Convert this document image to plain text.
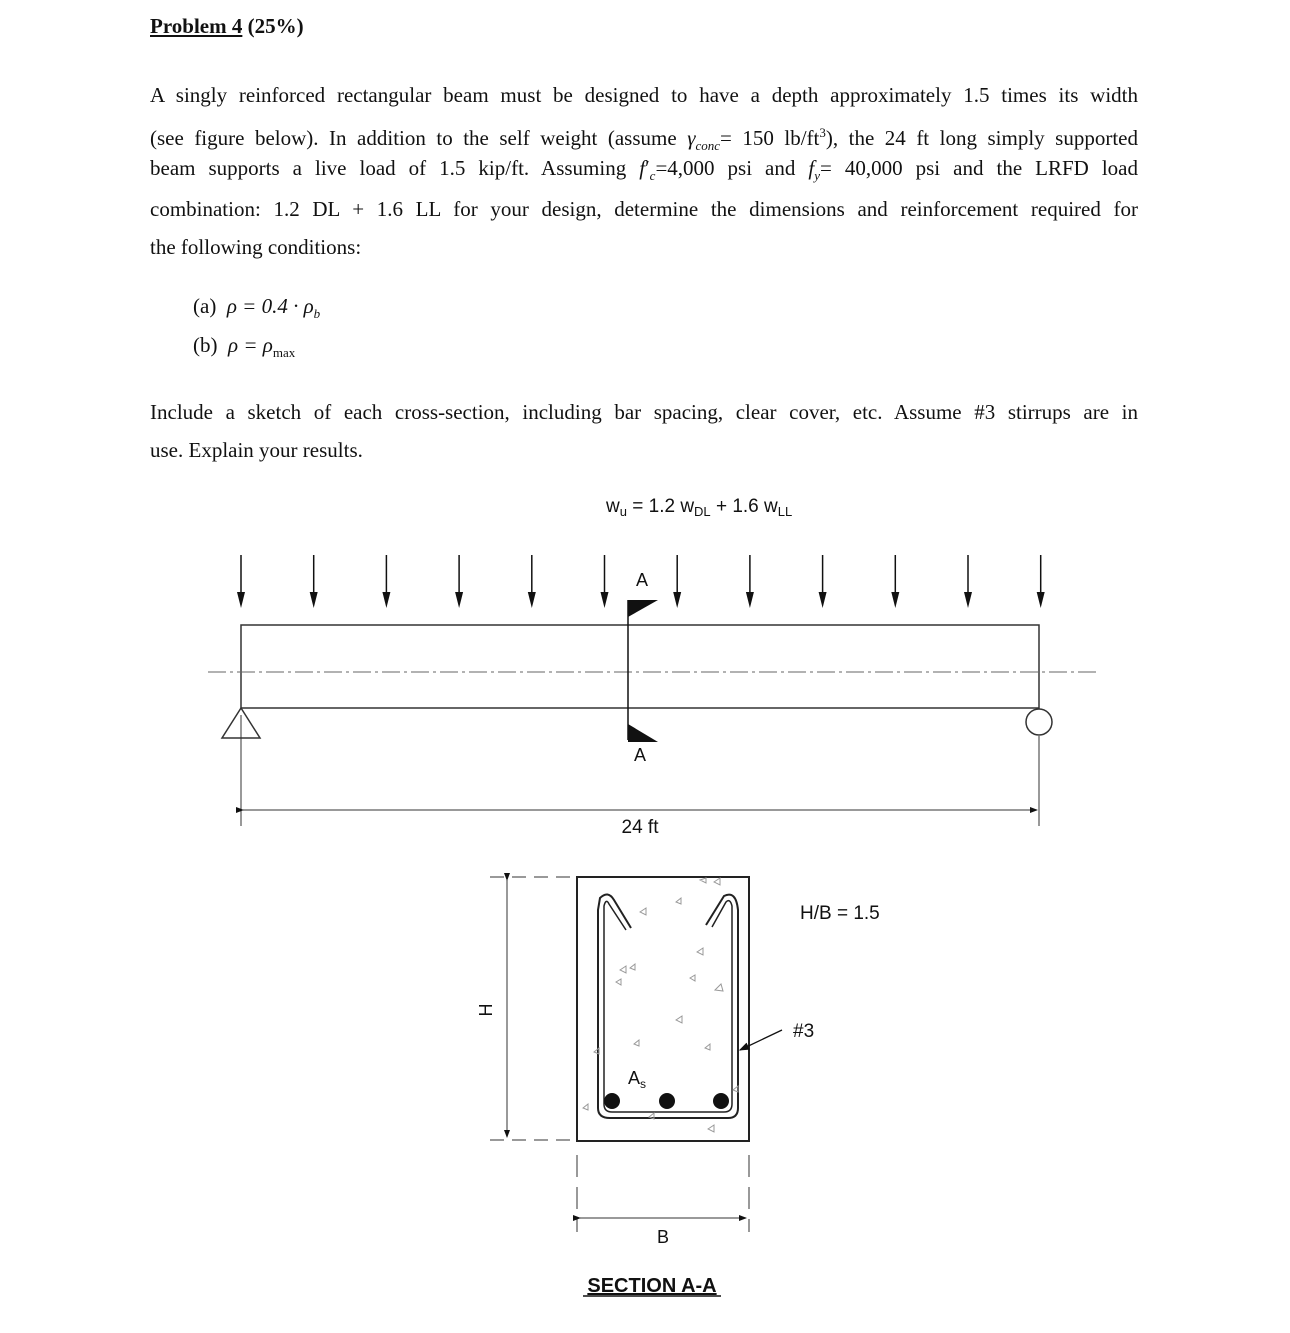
Problem 4 (25%)
A singly reinforced rectangular beam must be designed to have a depth approximately 1.5 times its width
(see figure below). In addition to the self weight (assume $\gamma_{conc}= 150$ $lb/ft^3$), the 24 ft long simply supported
beam supports a live load of 1.5 kip/ft. Assuming $f'_c=4,000$ psi and $f_y= 40,000$ psi and the LRFD load
combination: 1.2 DL + 1.6 LL for your design, determine the dimensions and reinforcement required for
the following conditions:
(a) $\rho = 0.4 \cdot \rho_b$
(b) $\rho = \rho_{max}$
Include a sketch of each cross-section, including bar spacing, clear cover, etc. Assume #3 stirrups are in
use. Explain your results.
$w_u = 1.2$ $w_{DL} + 1.6$ $w_{LL}$
A
A
24 ft
$A_s$
H
B
H/B = 1.5
#3
SECTION A-A
